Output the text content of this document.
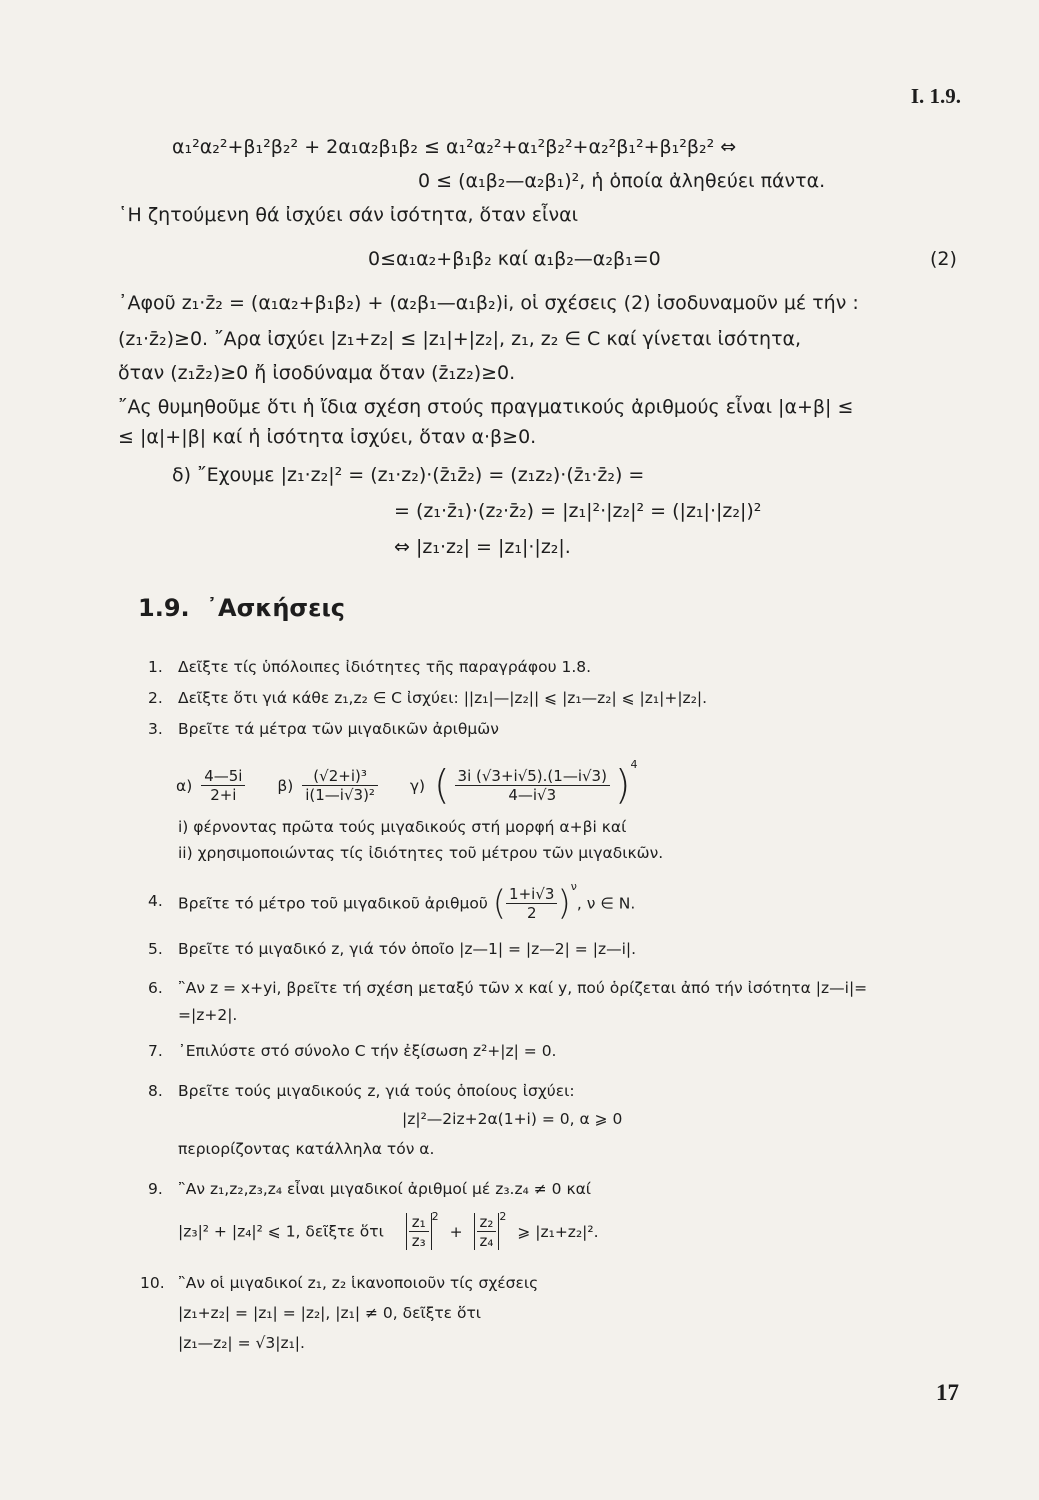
I. 1.9.
α₁²α₂²+β₁²β₂² + 2α₁α₂β₁β₂ ≤ α₁²α₂²+α₁²β₂²+α₂²β₁²+β₁²β₂² ⇔
0 ≤ (α₁β₂—α₂β₁)², ἡ ὁποία ἀληθεύει πάντα.
῾Η ζητούμενη θά ἰσχύει σάν ἰσότητα, ὅταν εἶναι
0≤α₁α₂+β₁β₂ καί α₁β₂—α₂β₁=0	(2)
᾿Αφοῦ z₁·z̄₂ = (α₁α₂+β₁β₂) + (α₂β₁—α₁β₂)i, οἱ σχέσεις (2) ἰσοδυναμοῦν μέ τήν :
(z₁·z̄₂)≥0. ῎Αρα ἰσχύει |z₁+z₂| ≤ |z₁|+|z₂|, z₁, z₂ ∈ C καί γίνεται ἰσότητα,
ὅταν (z₁z̄₂)≥0 ἤ ἰσοδύναμα ὅταν (z̄₁z₂)≥0.
῎Ας θυμηθοῦμε ὅτι ἡ ἴδια σχέση στούς πραγματικούς ἀριθμούς εἶναι |α+β| ≤
≤ |α|+|β| καί ἡ ἰσότητα ἰσχύει, ὅταν α·β≥0.
δ) ῎Εχουμε |z₁·z₂|² = (z₁·z₂)·(z̄₁z̄₂) = (z₁z₂)·(z̄₁·z̄₂) =
= (z₁·z̄₁)·(z₂·z̄₂) = |z₁|²·|z₂|² = (|z₁|·|z₂|)²
⇔ |z₁·z₂| = |z₁|·|z₂|.
1.9. ᾿Ασκήσεις
1. Δεῖξτε τίς ὑπόλοιπες ἰδιότητες τῆς παραγράφου 1.8.
2. Δεῖξτε ὅτι γιά κάθε z₁,z₂ ∈ C ἰσχύει: ||z₁|—|z₂|| ⩽ |z₁—z₂| ⩽ |z₁|+|z₂|.
3. Βρεῖτε τά μέτρα τῶν μιγαδικῶν ἀριθμῶν
$\alpha) \frac{4—5i}{2+i} \beta) \frac{\text{(√2+i)³}}{\text{i(1—i√3)²}} \gamma$) ( $\frac{3i (√3+i√5).(1—i√3)}{4—i√3} )^4$
i) φέρνοντας πρῶτα τούς μιγαδικούς στή μορφή α+βi καί
ii) χρησιμοποιώντας τίς ἰδιότητες τοῦ μέτρου τῶν μιγαδικῶν.
4. Βρεῖτε τό μέτρο τοῦ μιγαδικοῦ ἀριθμοῦ ( $\frac{1+i√3}{2} )^\nu$, ν ∈ N.
5. Βρεῖτε τό μιγαδικό z, γιά τόν ὁποῖο |z—1| = |z—2| = |z—i|.
6. ῍Αν z = x+yi, βρεῖτε τή σχέση μεταξύ τῶν x καί y, πού ὁρίζεται ἀπό τήν ἰσότητα |z—i|=
=|z+2|.
7. ᾿Επιλύστε στό σύνολο C τήν ἐξίσωση z²+|z| = 0.
8. Βρεῖτε τούς μιγαδικούς z, γιά τούς ὁποίους ἰσχύει:
|z|²—2iz+2α(1+i) = 0, α ⩾ 0
περιορίζοντας κατάλληλα τόν α.
9. ῍Αν z₁,z₂,z₃,z₄ εἶναι μιγαδικοί ἀριθμοί μέ z₃.z₄ ≠ 0 καί
|z₃|² + |z₄|² ⩽ 1, δεῖξτε ὅτι $\frac{\text{z₁}}{\text{z₃}} ^2 + \frac{\text{z₂}}{\text{z₄}} ^2$ ⩾ |z₁+z₂|².
10. ῍Αν οἱ μιγαδικοί z₁, z₂ ἱκανοποιοῦν τίς σχέσεις
|z₁+z₂| = |z₁| = |z₂|, |z₁| ≠ 0, δεῖξτε ὅτι
|z₁—z₂| = √3|z₁|.
17
